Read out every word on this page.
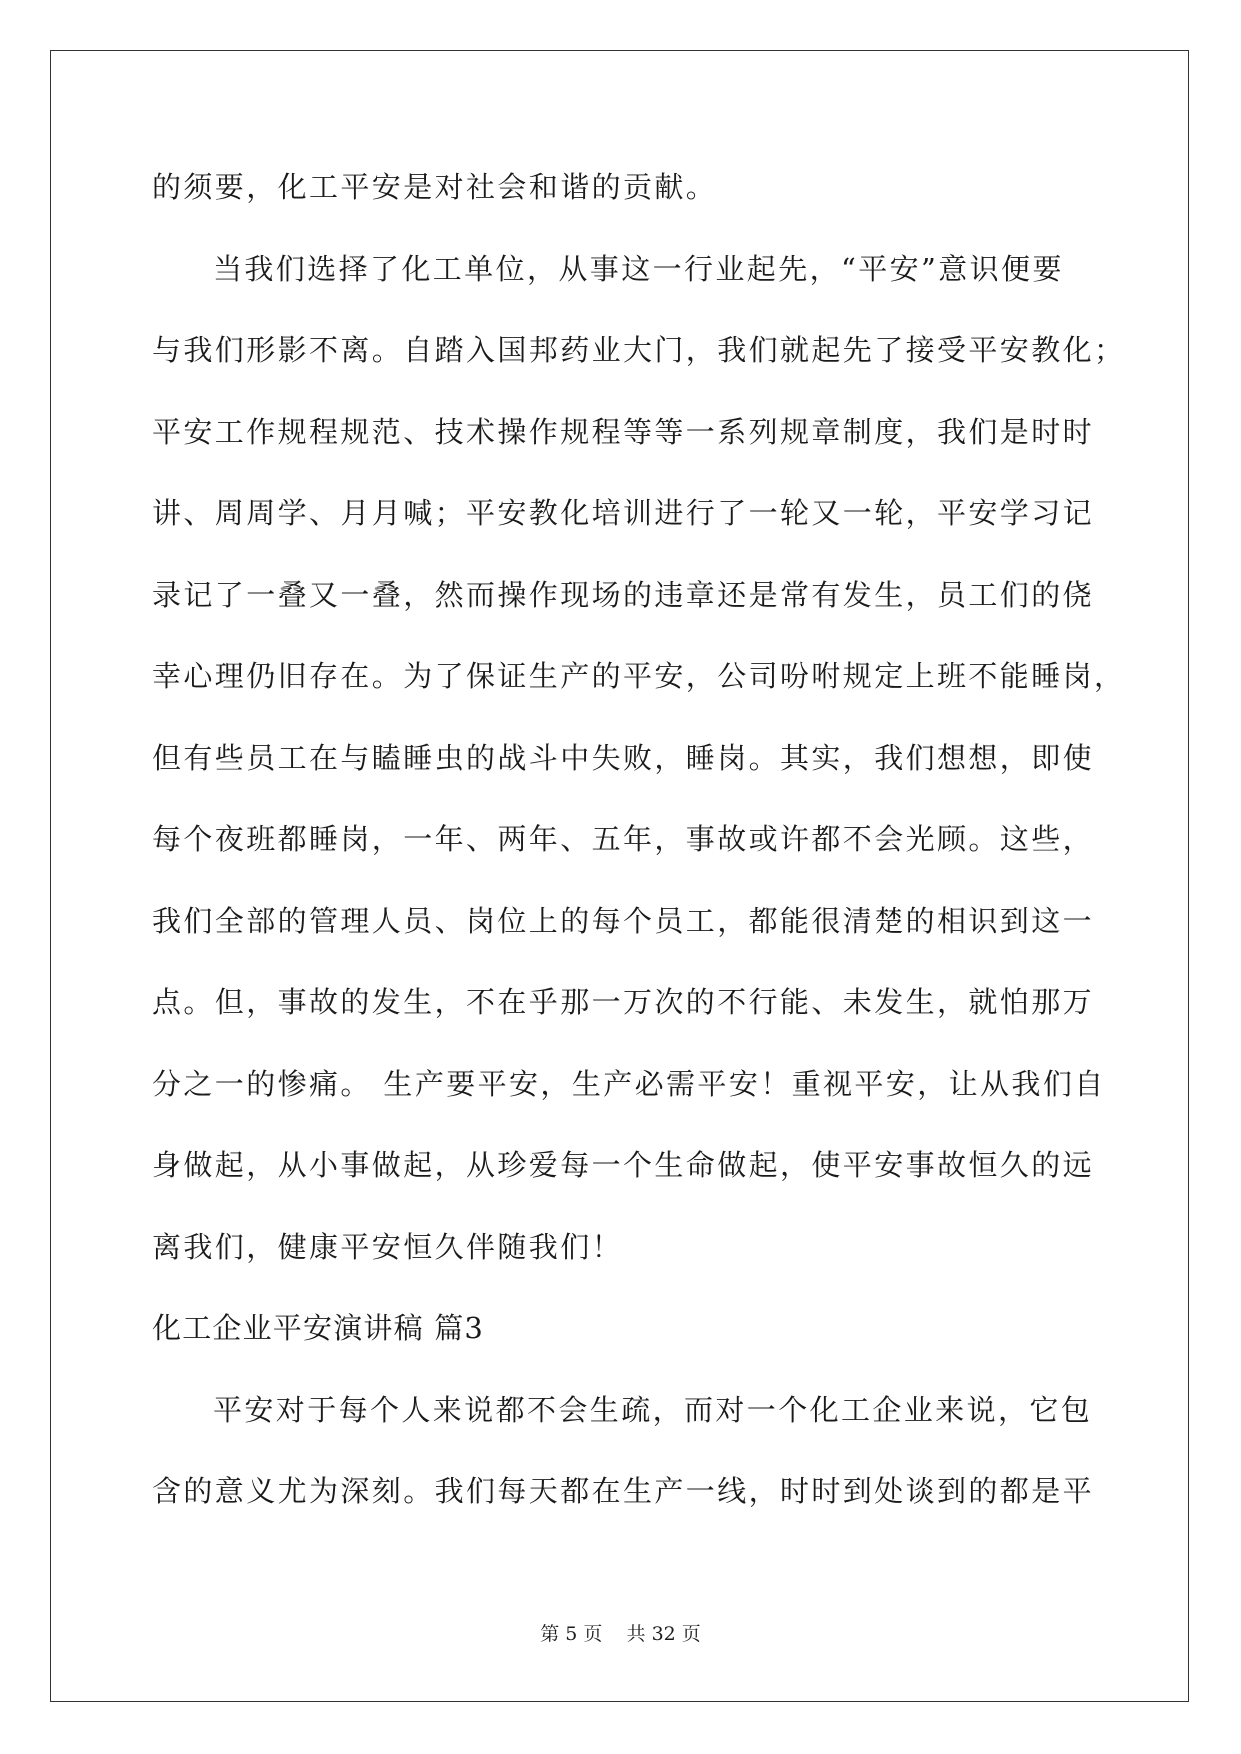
的须要，化工平安是对社会和谐的贡献。
当我们选择了化工单位，从事这一行业起先，“平安”意识便要
与我们形影不离。自踏入国邦药业大门，我们就起先了接受平安教化；
平安工作规程规范、技术操作规程等等一系列规章制度，我们是时时
讲、周周学、月月喊；平安教化培训进行了一轮又一轮，平安学习记
录记了一叠又一叠，然而操作现场的违章还是常有发生，员工们的侥
幸心理仍旧存在。为了保证生产的平安，公司吩咐规定上班不能睡岗，
但有些员工在与瞌睡虫的战斗中失败，睡岗。其实，我们想想，即使
每个夜班都睡岗，一年、两年、五年，事故或许都不会光顾。这些，
我们全部的管理人员、岗位上的每个员工，都能很清楚的相识到这一
点。但，事故的发生，不在乎那一万次的不行能、未发生，就怕那万
分之一的惨痛。 生产要平安，生产必需平安！重视平安，让从我们自
身做起，从小事做起，从珍爱每一个生命做起，使平安事故恒久的远
离我们，健康平安恒久伴随我们！
化工企业平安演讲稿 篇3
平安对于每个人来说都不会生疏，而对一个化工企业来说，它包
含的意义尤为深刻。我们每天都在生产一线，时时到处谈到的都是平
第 5 页    共 32 页
